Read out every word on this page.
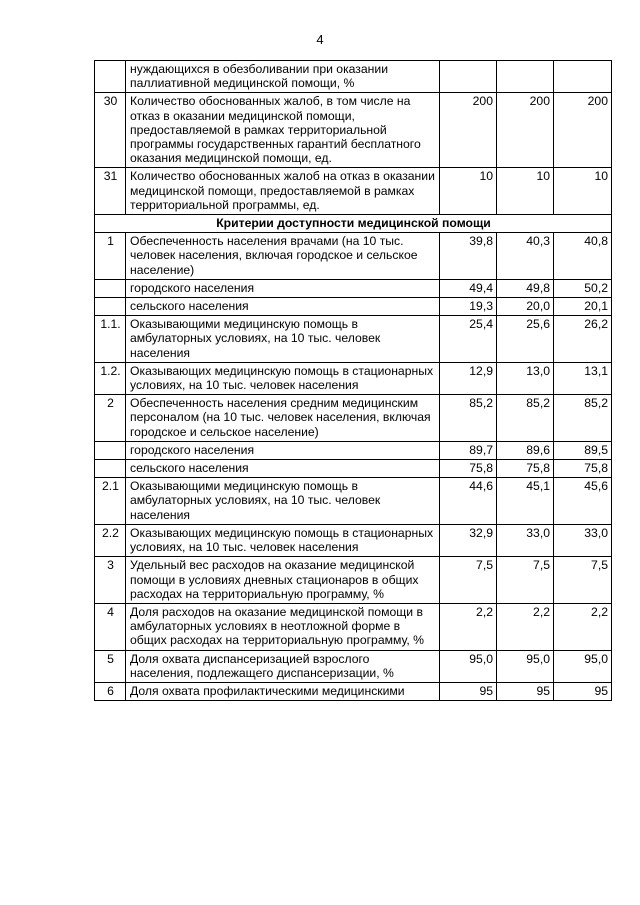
4
	нуждающихся в обезболивании при оказании паллиативной медицинской помощи, %			
30	Количество обоснованных жалоб, в том числе на отказ в оказании медицинской помощи, предоставляемой в рамках территориальной программы государственных гарантий бесплатного оказания медицинской помощи, ед.	200	200	200
31	Количество обоснованных жалоб на отказ в оказании медицинской помощи, предоставляемой в рамках территориальной программы, ед.	10	10	10
Критерии доступности медицинской помощи				
1	Обеспеченность населения врачами (на 10 тыс. человек населения, включая городское и сельское население)	39,8	40,3	40,8
	городского населения	49,4	49,8	50,2
	сельского населения	19,3	20,0	20,1
1.1.	Оказывающими медицинскую помощь в амбулаторных условиях, на 10 тыс. человек населения	25,4	25,6	26,2
1.2.	Оказывающих медицинскую помощь в стационарных условиях, на 10 тыс. человек населения	12,9	13,0	13,1
2	Обеспеченность населения средним медицинским персоналом (на 10 тыс. человек населения, включая городское и сельское население)	85,2	85,2	85,2
	городского населения	89,7	89,6	89,5
	сельского населения	75,8	75,8	75,8
2.1	Оказывающими медицинскую помощь в амбулаторных условиях, на 10 тыс. человек населения	44,6	45,1	45,6
2.2	Оказывающих медицинскую помощь в стационарных условиях, на 10 тыс. человек населения	32,9	33,0	33,0
3	Удельный вес расходов на оказание медицинской помощи в условиях дневных стационаров в общих расходах на территориальную программу, %	7,5	7,5	7,5
4	Доля расходов на оказание медицинской помощи в амбулаторных условиях в неотложной форме в общих расходах на территориальную программу, %	2,2	2,2	2,2
5	Доля охвата диспансеризацией взрослого населения, подлежащего диспансеризации, %	95,0	95,0	95,0
6	Доля охвата профилактическими медицинскими	95	95	95
